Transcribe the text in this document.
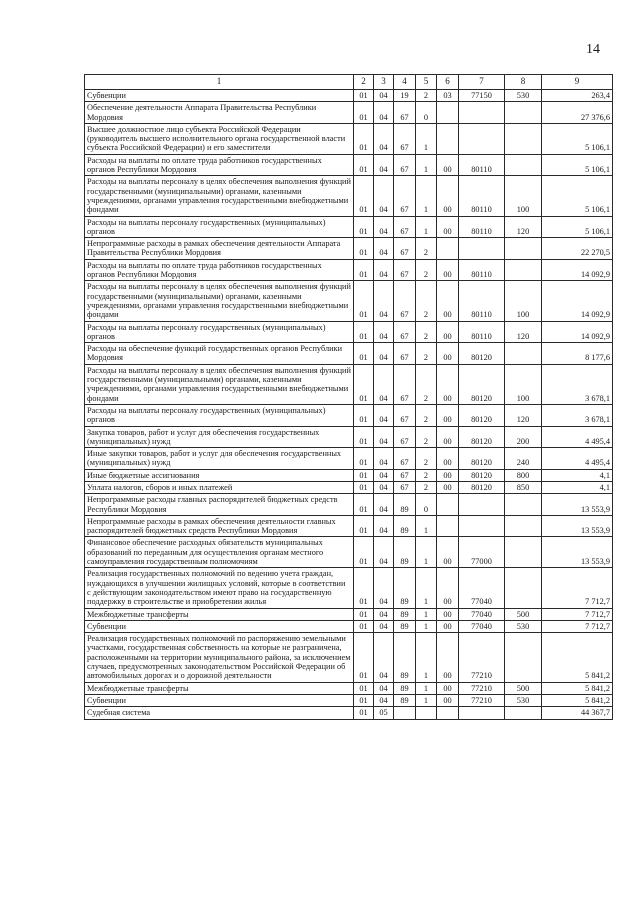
14
1	2	3	4	5	6	7	8	9
Субвенции	01	04	19	2	03	77150	530	263,4
Обеспечение деятельности Аппарата Правительства Республики Мордовия	01	04	67	0				27 376,6
Высшее должностное лицо субъекта Российской Федерации (руководитель высшего исполнительного органа государственной власти субъекта Российской Федерации) и его заместители	01	04	67	1				5 106,1
Расходы на выплаты по оплате труда работников государственных органов Республики Мордовия	01	04	67	1	00	80110		5 106,1
Расходы на выплаты персоналу в целях обеспечения выполнения функций государственными (муниципальными) органами, казенными учреждениями, органами управления государственными внебюджетными фондами	01	04	67	1	00	80110	100	5 106,1
Расходы на выплаты персоналу государственных (муниципальных) органов	01	04	67	1	00	80110	120	5 106,1
Непрограммные расходы в рамках обеспечения деятельности Аппарата Правительства Республики Мордовия	01	04	67	2				22 270,5
Расходы на выплаты по оплате труда работников государственных органов Республики Мордовия	01	04	67	2	00	80110		14 092,9
Расходы на выплаты персоналу в целях обеспечения выполнения функций государственными (муниципальными) органами, казенными учреждениями, органами управления государственными внебюджетными фондами	01	04	67	2	00	80110	100	14 092,9
Расходы на выплаты персоналу государственных (муниципальных) органов	01	04	67	2	00	80110	120	14 092,9
Расходы на обеспечение функций государственных органов Республики Мордовия	01	04	67	2	00	80120		8 177,6
Расходы на выплаты персоналу в целях обеспечения выполнения функций государственными (муниципальными) органами, казенными учреждениями, органами управления государственными внебюджетными фондами	01	04	67	2	00	80120	100	3 678,1
Расходы на выплаты персоналу государственных (муниципальных) органов	01	04	67	2	00	80120	120	3 678,1
Закупка товаров, работ и услуг для обеспечения государственных (муниципальных) нужд	01	04	67	2	00	80120	200	4 495,4
Иные закупки товаров, работ и услуг для обеспечения государственных (муниципальных) нужд	01	04	67	2	00	80120	240	4 495,4
Иные бюджетные ассигнования	01	04	67	2	00	80120	800	4,1
Уплата налогов, сборов и иных платежей	01	04	67	2	00	80120	850	4,1
Непрограммные расходы главных распорядителей бюджетных средств Республики Мордовия	01	04	89	0				13 553,9
Непрограммные расходы в рамках обеспечения деятельности главных распорядителей бюджетных средств Республики Мордовия	01	04	89	1				13 553,9
Финансовое обеспечение расходных обязательств муниципальных образований по переданным для осуществления органам местного самоуправления государственным полномочиям	01	04	89	1	00	77000		13 553,9
Реализация государственных полномочий по ведению учета граждан, нуждающихся в улучшении жилищных условий, которые в соответствии с действующим законодательством имеют право на государственную поддержку в строительстве и приобретении жилья	01	04	89	1	00	77040		7 712,7
Межбюджетные трансферты	01	04	89	1	00	77040	500	7 712,7
Субвенции	01	04	89	1	00	77040	530	7 712,7
Реализация государственных полномочий по распоряжению земельными участками, государственная собственность на которые не разграничена, расположенными на территории муниципального района, за исключением случаев, предусмотренных законодательством Российской Федерации об автомобильных дорогах и о дорожной деятельности	01	04	89	1	00	77210		5 841,2
Межбюджетные трансферты	01	04	89	1	00	77210	500	5 841,2
Субвенции	01	04	89	1	00	77210	530	5 841,2
Судебная система	01	05						44 367,7
